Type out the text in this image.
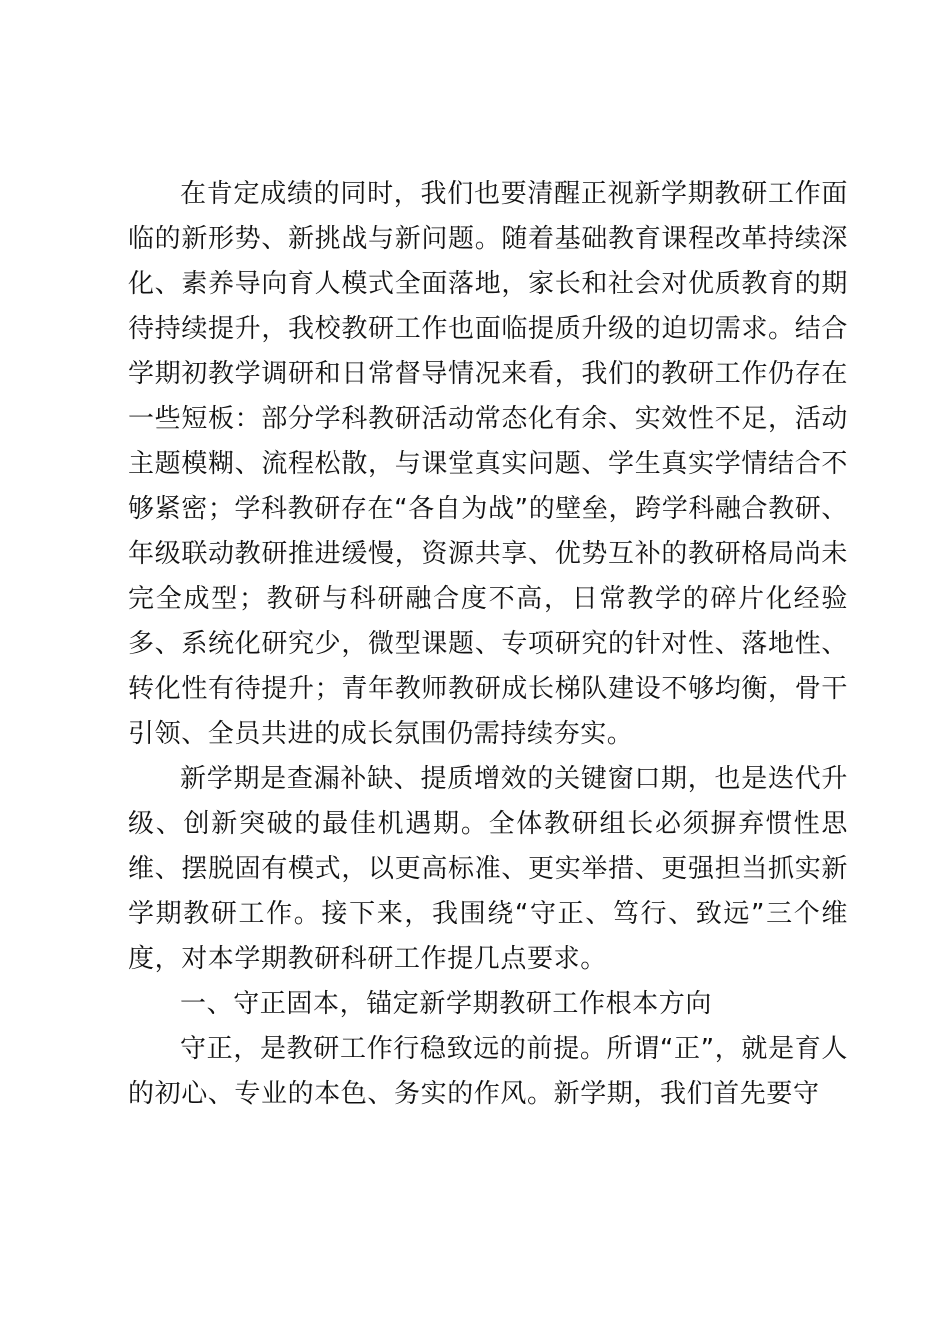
在肯定成绩的同时，我们也要清醒正视新学期教研工作面临的新形势、新挑战与新问题。随着基础教育课程改革持续深化、素养导向育人模式全面落地，家长和社会对优质教育的期待持续提升，我校教研工作也面临提质升级的迫切需求。结合学期初教学调研和日常督导情况来看，我们的教研工作仍存在一些短板：部分学科教研活动常态化有余、实效性不足，活动主题模糊、流程松散，与课堂真实问题、学生真实学情结合不够紧密；学科教研存在“各自为战”的壁垒，跨学科融合教研、年级联动教研推进缓慢，资源共享、优势互补的教研格局尚未完全成型；教研与科研融合度不高，日常教学的碎片化经验多、系统化研究少，微型课题、专项研究的针对性、落地性、转化性有待提升；青年教师教研成长梯队建设不够均衡，骨干引领、全员共进的成长氛围仍需持续夯实。

新学期是查漏补缺、提质增效的关键窗口期，也是迭代升级、创新突破的最佳机遇期。全体教研组长必须摒弃惯性思维、摆脱固有模式，以更高标准、更实举措、更强担当抓实新学期教研工作。接下来，我围绕“守正、笃行、致远”三个维度，对本学期教研科研工作提几点要求。

一、守正固本，锚定新学期教研工作根本方向

守正，是教研工作行稳致远的前提。所谓“正”，就是育人的初心、专业的本色、务实的作风。新学期，我们首先要守
